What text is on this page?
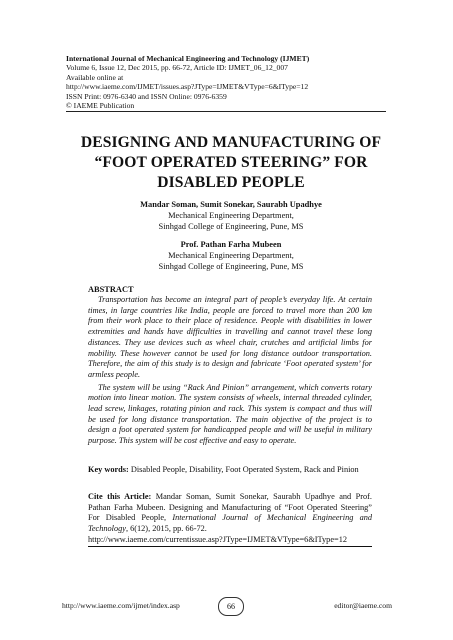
International Journal of Mechanical Engineering and Technology (IJMET)
Volume 6, Issue 12, Dec 2015, pp. 66-72, Article ID: IJMET_06_12_007
Available online at
http://www.iaeme.com/IJMET/issues.asp?JType=IJMET&VType=6&IType=12
ISSN Print: 0976-6340 and ISSN Online: 0976-6359
© IAEME Publication
DESIGNING AND MANUFACTURING OF
“FOOT OPERATED STEERING” FOR
DISABLED PEOPLE
Mandar Soman, Sumit Sonekar, Saurabh Upadhye
Mechanical Engineering Department,
Sinhgad College of Engineering, Pune, MS
Prof. Pathan Farha Mubeen
Mechanical Engineering Department,
Sinhgad College of Engineering, Pune, MS
ABSTRACT

Transportation has become an integral part of people’s everyday life. At certain times, in large countries like India, people are forced to travel more than 200 km from their work place to their place of residence. People with disabilities in lower extremities and hands have difficulties in travelling and cannot travel these long distances. They use devices such as wheel chair, crutches and artificial limbs for mobility. These however cannot be used for long distance outdoor transportation. Therefore, the aim of this study is to design and fabricate ‘Foot operated system’ for armless people.

The system will be using “Rack And Pinion” arrangement, which converts rotary motion into linear motion. The system consists of wheels, internal threaded cylinder, lead screw, linkages, rotating pinion and rack. This system is compact and thus will be used for long distance transportation. The main objective of the project is to design a foot operated system for handicapped people and will be useful in military purpose. This system will be cost effective and easy to operate.

Key words: Disabled People, Disability, Foot Operated System, Rack and Pinion
Cite this Article: Mandar Soman, Sumit Sonekar, Saurabh Upadhye and Prof. Pathan Farha Mubeen. Designing and Manufacturing of “Foot Operated Steering” For Disabled People, International Journal of Mechanical Engineering and Technology, 6(12), 2015, pp. 66-72.
http://www.iaeme.com/currentissue.asp?JType=IJMET&VType=6&IType=12
http://www.iaeme.com/ijmet/index.asp	66	editor@iaeme.com
